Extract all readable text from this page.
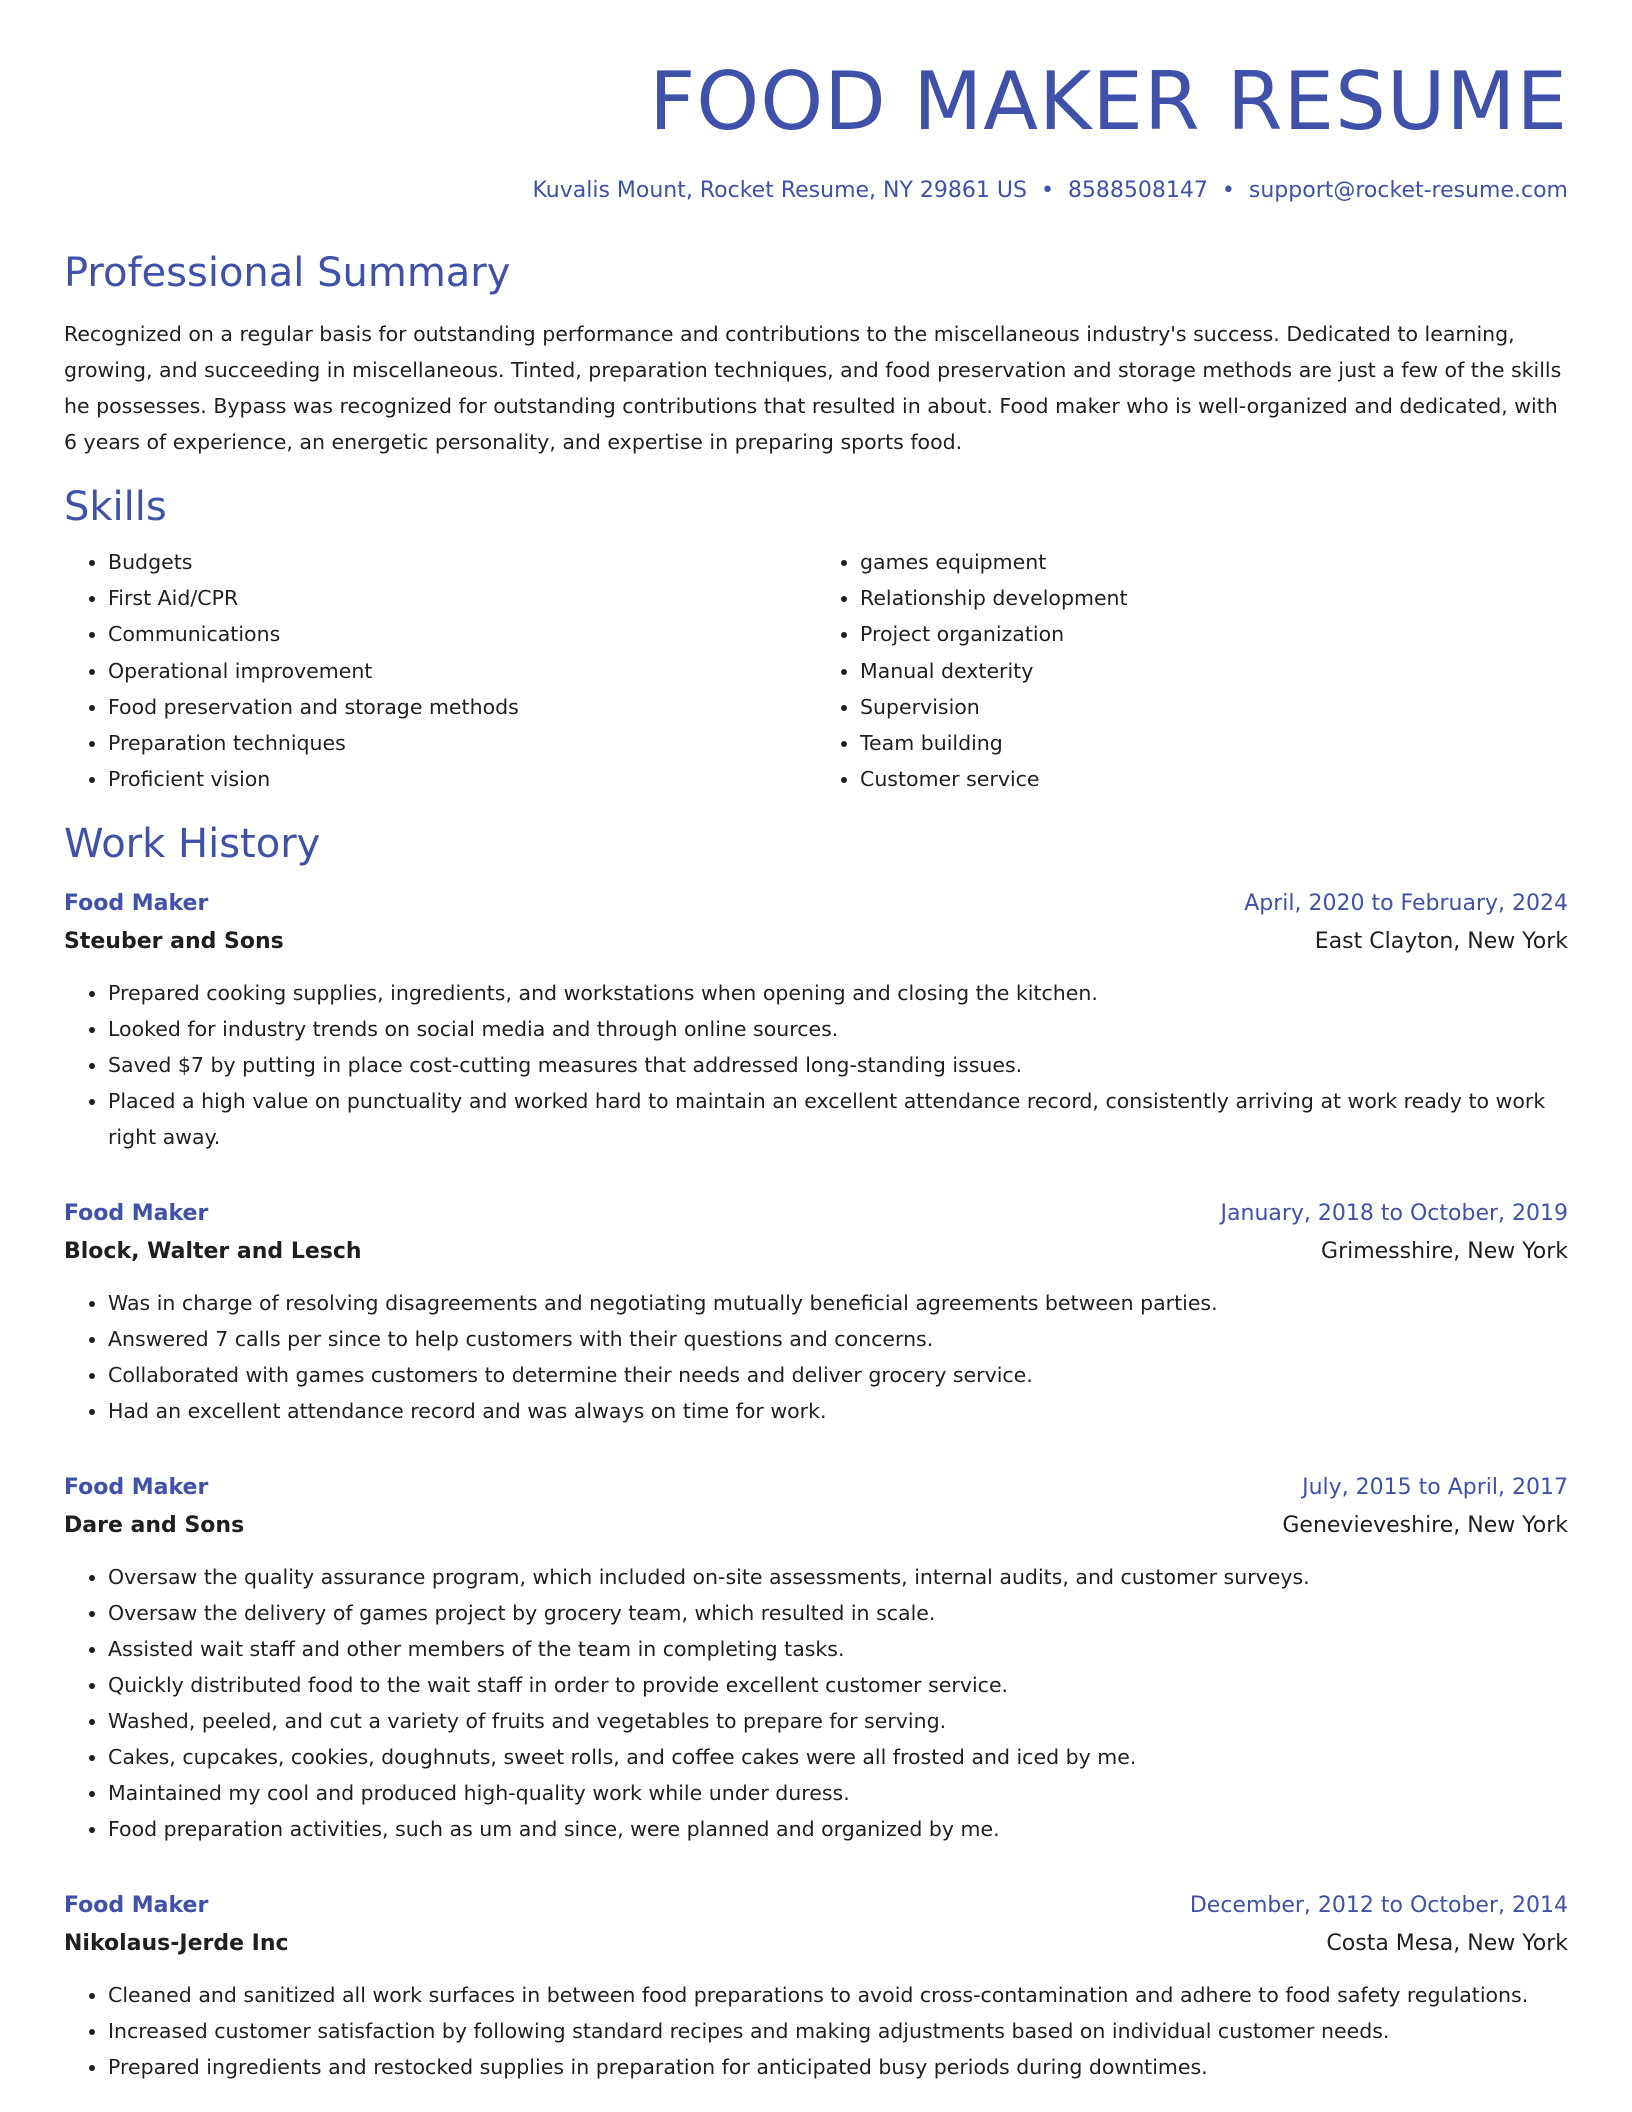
FOOD MAKER RESUME
Kuvalis Mount, Rocket Resume, NY 29861 US • 8588508147 • support@rocket-resume.com
Professional Summary

Recognized on a regular basis for outstanding performance and contributions to the miscellaneous industry's success. Dedicated to learning, growing, and succeeding in miscellaneous. Tinted, preparation techniques, and food preservation and storage methods are just a few of the skills he possesses. Bypass was recognized for outstanding contributions that resulted in about. Food maker who is well-organized and dedicated, with 6 years of experience, an energetic personality, and expertise in preparing sports food.

Skills
• Budgets
• First Aid/CPR
• Communications
• Operational improvement
• Food preservation and storage methods
• Preparation techniques
• Proficient vision
• games equipment
• Relationship development
• Project organization
• Manual dexterity
• Supervision
• Team building
• Customer service
Work History
Food Maker	April, 2020 to February, 2024
Steuber and Sons	East Clayton, New York
• Prepared cooking supplies, ingredients, and workstations when opening and closing the kitchen.
• Looked for industry trends on social media and through online sources.
• Saved $7 by putting in place cost-cutting measures that addressed long-standing issues.
• Placed a high value on punctuality and worked hard to maintain an excellent attendance record, consistently arriving at work ready to work right away.
Food Maker	January, 2018 to October, 2019
Block, Walter and Lesch	Grimesshire, New York
• Was in charge of resolving disagreements and negotiating mutually beneficial agreements between parties.
• Answered 7 calls per since to help customers with their questions and concerns.
• Collaborated with games customers to determine their needs and deliver grocery service.
• Had an excellent attendance record and was always on time for work.
Food Maker	July, 2015 to April, 2017
Dare and Sons	Genevieveshire, New York
• Oversaw the quality assurance program, which included on-site assessments, internal audits, and customer surveys.
• Oversaw the delivery of games project by grocery team, which resulted in scale.
• Assisted wait staff and other members of the team in completing tasks.
• Quickly distributed food to the wait staff in order to provide excellent customer service.
• Washed, peeled, and cut a variety of fruits and vegetables to prepare for serving.
• Cakes, cupcakes, cookies, doughnuts, sweet rolls, and coffee cakes were all frosted and iced by me.
• Maintained my cool and produced high-quality work while under duress.
• Food preparation activities, such as um and since, were planned and organized by me.
Food Maker	December, 2012 to October, 2014
Nikolaus-Jerde Inc	Costa Mesa, New York
• Cleaned and sanitized all work surfaces in between food preparations to avoid cross-contamination and adhere to food safety regulations.
• Increased customer satisfaction by following standard recipes and making adjustments based on individual customer needs.
• Prepared ingredients and restocked supplies in preparation for anticipated busy periods during downtimes.
